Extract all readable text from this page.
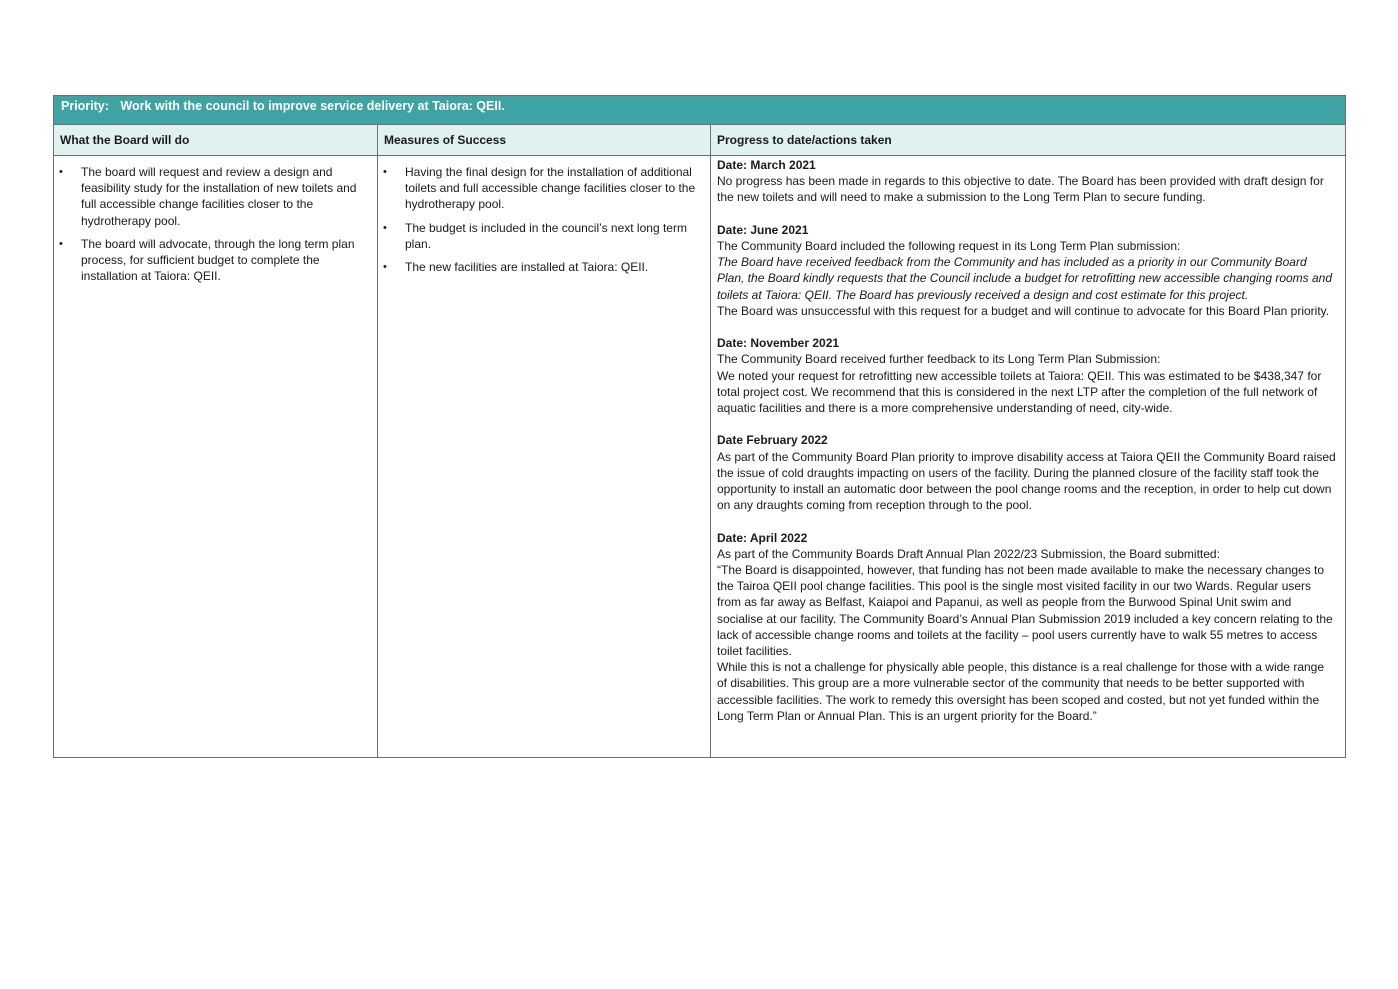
Priority: Work with the council to improve service delivery at Taiora: QEII.
What the Board will do	Measures of Success	Progress to date/actions taken
• The board will request and review a design and feasibility study for the installation of new toilets and full accessible change facilities closer to the hydrotherapy pool.
• The board will advocate, through the long term plan process, for sufficient budget to complete the installation at Taiora: QEII.
• Having the final design for the installation of additional toilets and full accessible change facilities closer to the hydrotherapy pool.
• The budget is included in the council’s next long term plan.
• The new facilities are installed at Taiora: QEII.
Date: March 2021

No progress has been made in regards to this objective to date. The Board has been provided with draft design for the new toilets and will need to make a submission to the Long Term Plan to secure funding.

Date: June 2021

The Community Board included the following request in its Long Term Plan submission:

The Board have received feedback from the Community and has included as a priority in our Community Board Plan, the Board kindly requests that the Council include a budget for retrofitting new accessible changing rooms and toilets at Taiora: QEII. The Board has previously received a design and cost estimate for this project.

The Board was unsuccessful with this request for a budget and will continue to advocate for this Board Plan priority.

Date: November 2021

The Community Board received further feedback to its Long Term Plan Submission:

We noted your request for retrofitting new accessible toilets at Taiora: QEII. This was estimated to be $438,347 for total project cost. We recommend that this is considered in the next LTP after the completion of the full network of aquatic facilities and there is a more comprehensive understanding of need, city-wide.

Date February 2022

As part of the Community Board Plan priority to improve disability access at Taiora QEII the Community Board raised the issue of cold draughts impacting on users of the facility. During the planned closure of the facility staff took the opportunity to install an automatic door between the pool change rooms and the reception, in order to help cut down on any draughts coming from reception through to the pool.

Date: April 2022

As part of the Community Boards Draft Annual Plan 2022/23 Submission, the Board submitted:

“The Board is disappointed, however, that funding has not been made available to make the necessary changes to the Tairoa QEII pool change facilities. This pool is the single most visited facility in our two Wards. Regular users from as far away as Belfast, Kaiapoi and Papanui, as well as people from the Burwood Spinal Unit swim and socialise at our facility. The Community Board’s Annual Plan Submission 2019 included a key concern relating to the lack of accessible change rooms and toilets at the facility – pool users currently have to walk 55 metres to access toilet facilities.

While this is not a challenge for physically able people, this distance is a real challenge for those with a wide range of disabilities. This group are a more vulnerable sector of the community that needs to be better supported with accessible facilities. The work to remedy this oversight has been scoped and costed, but not yet funded within the Long Term Plan or Annual Plan. This is an urgent priority for the Board.”
